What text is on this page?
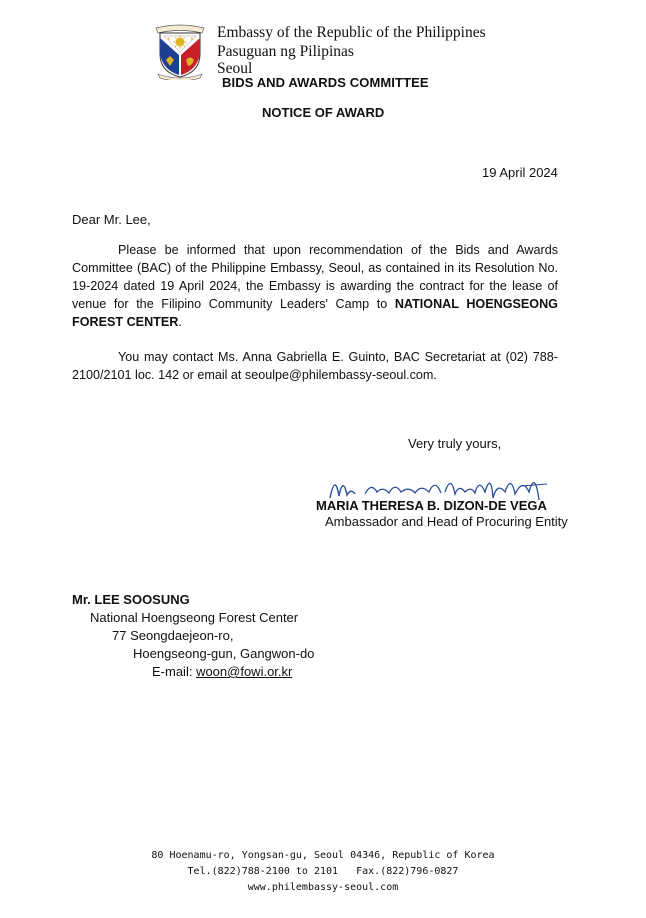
★	★ Embassy of the Republic of the Philippines
Pasuguan ng Pilipinas
Seoul
BIDS AND AWARDS COMMITTEE
NOTICE OF AWARD
19 April 2024
Dear Mr. Lee,
Please be informed that upon recommendation of the Bids and Awards Committee (BAC) of the Philippine Embassy, Seoul, as contained in its Resolution No. 19-2024 dated 19 April 2024, the Embassy is awarding the contract for the lease of venue for the Filipino Community Leaders' Camp to NATIONAL HOENGSEONG FOREST CENTER.
You may contact Ms. Anna Gabriella E. Guinto, BAC Secretariat at (02) 788-2100/2101 loc. 142 or email at seoulpe@philembassy-seoul.com.
Very truly yours,
MARIA THERESA B. DIZON-DE VEGA
Ambassador and Head of Procuring Entity
Mr. LEE SOOSUNG
National Hoengseong Forest Center
77 Seongdaejeon-ro,
Hoengseong-gun, Gangwon-do
E-mail: woon@fowi.or.kr
80 Hoenamu-ro, Yongsan-gu, Seoul 04346, Republic of Korea
Tel.(822)788-2100 to 2101   Fax.(822)796-0827
www.philembassy-seoul.com
